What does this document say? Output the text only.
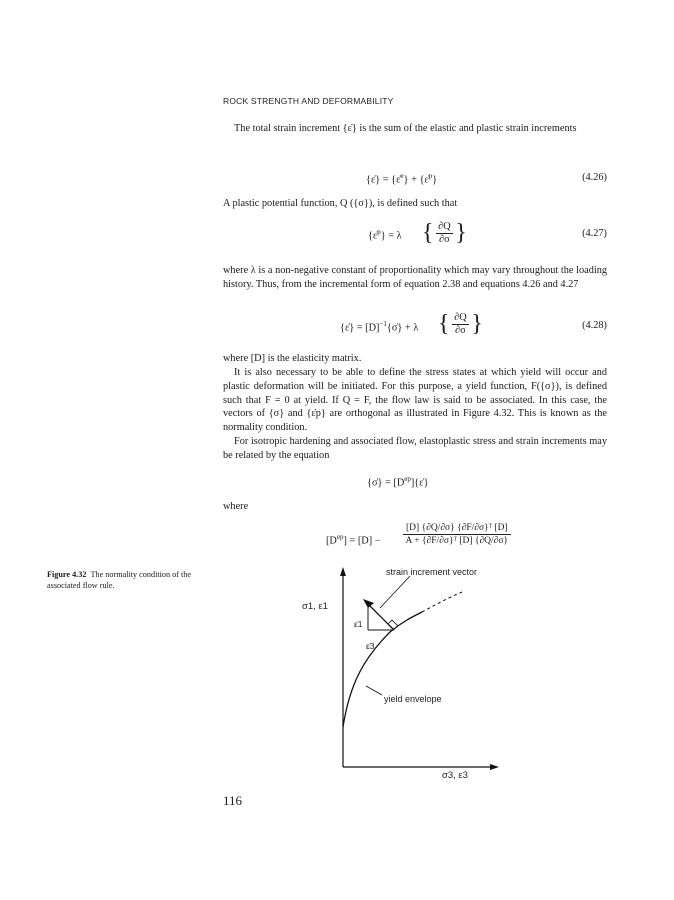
ROCK STRENGTH AND DEFORMABILITY

The total strain increment {ε̇} is the sum of the elastic and plastic strain increments

{ε̇} = {ε̇$^e$} + {ε̇$^p$}	(4.26)

A plastic potential function, Q ({σ}), is defined such that

{ε̇$^p$} = λ { $\frac{\partial Q}{\partial\sigma}$ }	(4.27)

where λ is a non-negative constant of proportionality which may vary throughout the loading history. Thus, from the incremental form of equation 2.38 and equations 4.26 and 4.27

{ε̇} = $[D]^{-1}\{\sigmȧ\} + \lambda$ { $\frac{\partial Q}{\partial\sigma}$ }	(4.28)

where [D] is the elasticity matrix.

It is also necessary to be able to define the stress states at which yield will occur and plastic deformation will be initiated. For this purpose, a yield function, F({σ}), is defined such that F = 0 at yield. If Q = F, the flow law is said to be associated. In this case, the vectors of {σ} and {ε̇p} are orthogonal as illustrated in Figure 4.32. This is known as the normality condition.

For isotropic hardening and associated flow, elastoplastic stress and strain increments may be related by the equation

{σ̇} = $[D^{ep}]\{\varepsiloṅ\}$

where

$[D^{ep}] = [D] - \frac{\text{[D] \{∂Q/∂σ\} \{∂F/∂σ\}ᵀ [D]}}{\text{A + \{∂F/∂σ\}ᵀ [D] \{∂Q/∂σ\}}}$
Figure 4.32 The normality condition of the associated flow rule.
strain increment vector
yield envelope
σ1, ε1
σ3, ε3
ε̇1
ε̇3
116
